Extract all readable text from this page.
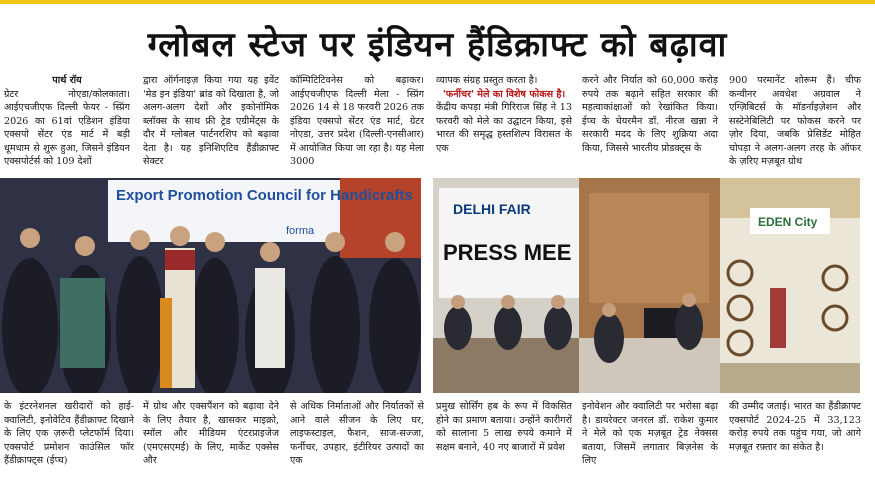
ग्लोबल स्टेज पर इंडियन हैंडिक्राफ्ट को बढ़ावा
पार्थ रॉय
ग्रेटर नोएडा/कोलकाता। आईएचजीएफ दिल्ली फेयर - स्प्रिंग 2026 का 61वां एडिशन इंडिया एक्सपो सेंटर एंड मार्ट में बड़ी धूमधाम से शुरू हुआ, जिसने इंडियन एक्सपोर्टर्स को 109 देशों
द्वारा ऑर्गनाइज़ किया गया यह इवेंट 'मेड इन इंडिया' ब्रांड को दिखाता है, जो अलग-अलग देशों और इकोनॉमिक ब्लॉक्स के साथ फ्री ट्रेड एग्रीमेंट्स के दौर में ग्लोबल पार्टनरशिप को बढ़ावा देता है। यह इनिशिएटिव हैंडीक्राफ्ट सेक्टर
कॉम्पिटिटिवनेस को बढ़ाकर। आईएचजीएफ दिल्ली मेला - स्प्रिंग 2026 14 से 18 फरवरी 2026 तक इंडिया एक्सपो सेंटर एंड मार्ट, ग्रेटर नोएडा, उत्तर प्रदेश (दिल्ली-एनसीआर) में आयोजित किया जा रहा है। यह मेला 3000
व्यापक संग्रह प्रस्तुत करता है।
'फर्नीचर' मेले का विशेष फोकस है।
केंद्रीय कपड़ा मंत्री गिरिराज सिंह ने 13 फरवरी को मेले का उद्घाटन किया, इसे भारत की समृद्ध हस्तशिल्प विरासत के एक
करने और निर्यात को 60,000 करोड़ रुपये तक बढ़ाने सहित सरकार की महत्वाकांक्षाओं को रेखांकित किया। ईप्च के चेयरमैन डॉ. नीरज खन्ना ने सरकारी मदद के लिए शुक्रिया अदा किया, जिससे भारतीय प्रोडक्ट्स के
900 परमानेंट शोरूम हैं। चीफ कन्वीनर अवधेश अग्रवाल ने एग्ज़िबिटर्स के मॉडर्नाइज़ेशन और सस्टेनेबिलिटी पर फोकस करने पर ज़ोर दिया, जबकि प्रेसिडेंट मोहित चोपड़ा ने अलग-अलग तरह के ऑफर के ज़रिए मज़बूत ग्रोथ
Export Promotion Council for Handicrafts
forma
DELHI FAIR
PRESS MEE
EDEN City
के इंटरनेशनल खरीदारों को हाई-क्वालिटी, इनोवेटिव हैंडीक्राफ्ट दिखाने के लिए एक ज़रूरी प्लेटफॉर्म दिया। एक्सपोर्ट प्रमोशन काउंसिल फॉर हैंडीक्राफ्ट्स (ईप्च)
में ग्रोथ और एक्सपैंशन को बढ़ावा देने के लिए तैयार है, खासकर माइक्रो, स्मॉल और मीडियम एंटरप्राइजेज (एमएसएमई) के लिए, मार्केट एक्सेस और
से अधिक निर्माताओं और निर्यातकों से आने वाले सीजन के लिए घर, लाइफस्टाइल, फैशन, साज-सज्जा, फर्नीचर, उपहार, इंटीरियर उत्पादों का एक
प्रमुख सोर्सिंग हब के रूप में विकसित होने का प्रमाण बताया। उन्होंने कारीगरों को सालाना 5 लाख रुपये कमाने में सक्षम बनाने, 40 नए बाजारों में प्रवेश
इनोवेशन और क्वालिटी पर भरोसा बढ़ा है। डायरेक्टर जनरल डॉ. राकेश कुमार ने मेले को एक मज़बूत ट्रेड नेक्सस बताया, जिसमें लगातार बिज़नेस के लिए
की उम्मीद जताई। भारत का हैंडीक्राफ्ट एक्सपोर्ट 2024-25 में 33,123 करोड़ रुपये तक पहुंच गया, जो आगे मज़बूत रफ़्तार का संकेत है।
